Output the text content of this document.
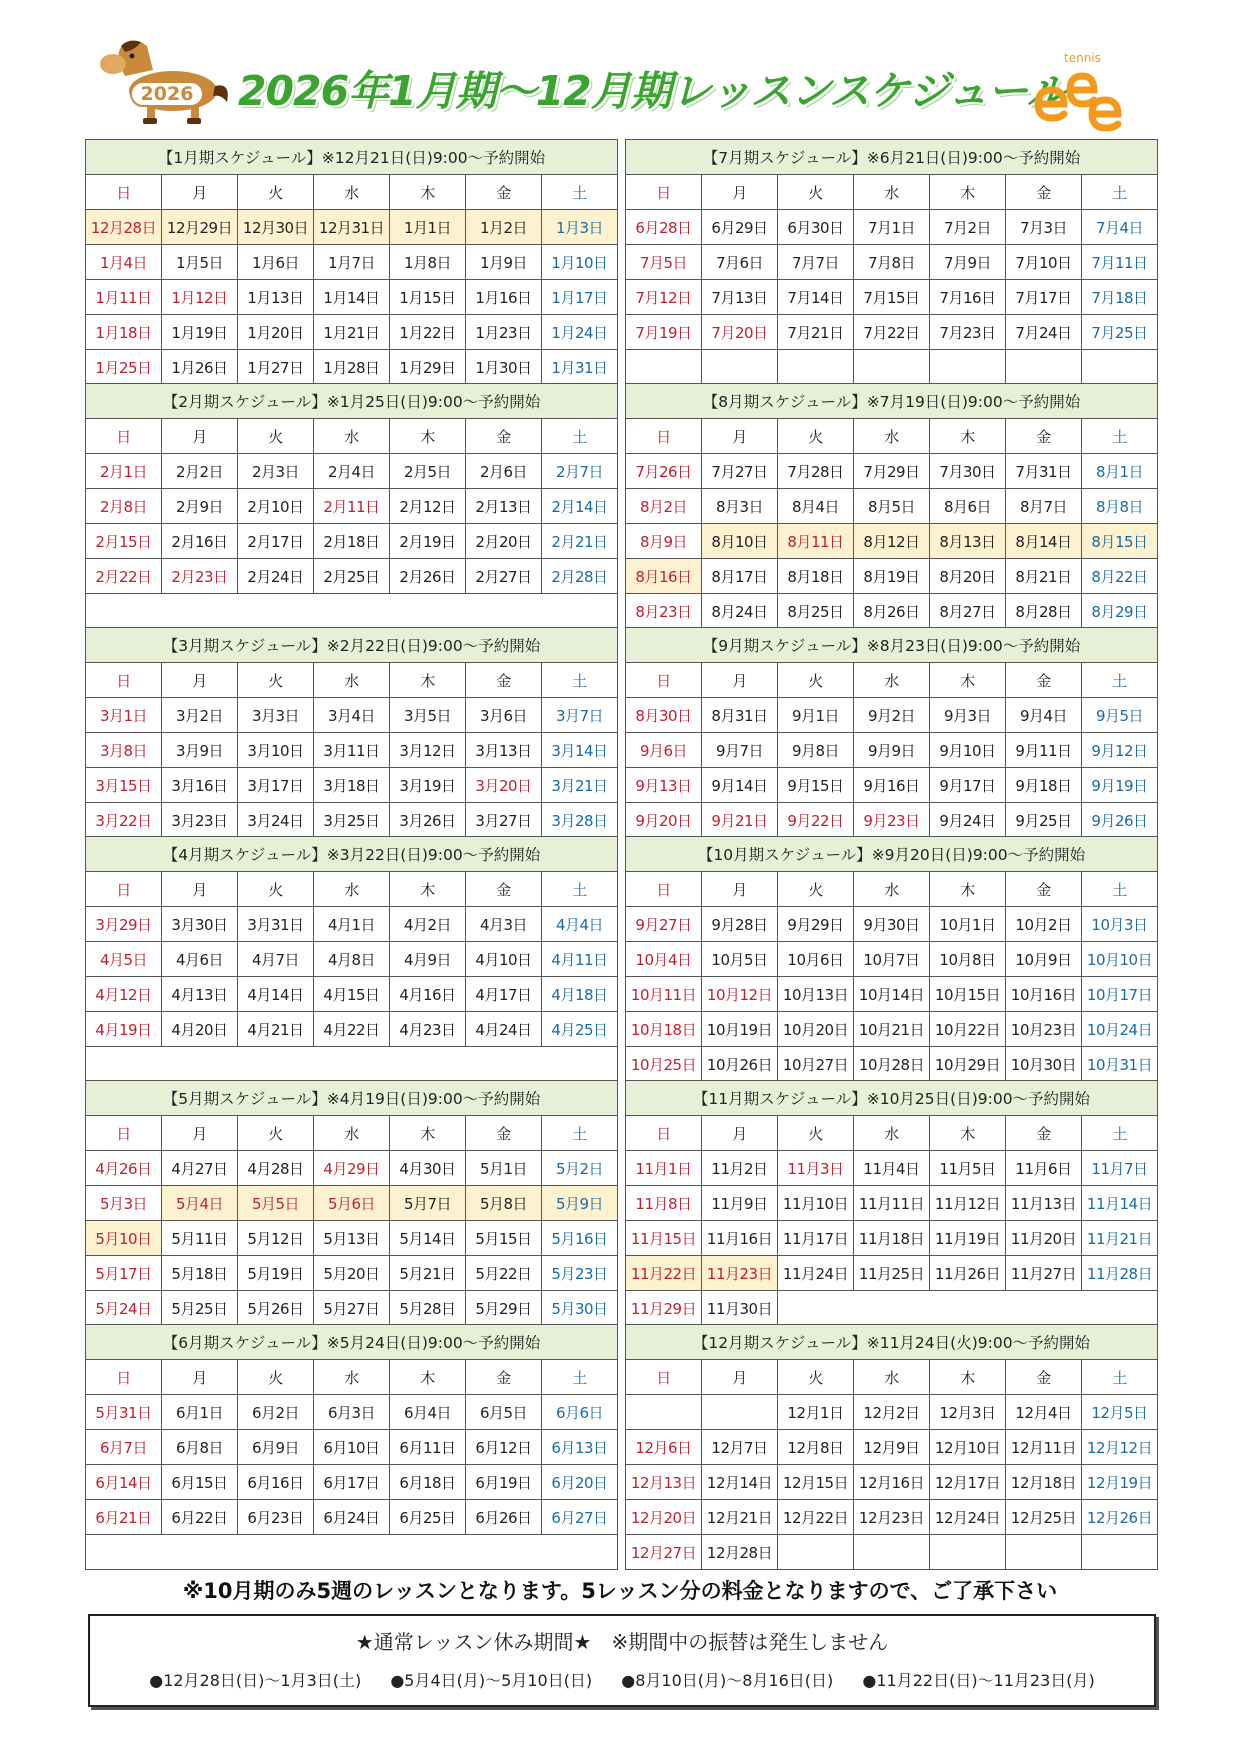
2026 2026年1月期～12月期レッスンスケジュール
tennis
【1月期スケジュール】※12月21日(日)9:00～予約開始						
日	月	火	水	木	金	土
12月28日	12月29日	12月30日	12月31日	1月1日	1月2日	1月3日
1月4日	1月5日	1月6日	1月7日	1月8日	1月9日	1月10日
1月11日	1月12日	1月13日	1月14日	1月15日	1月16日	1月17日
1月18日	1月19日	1月20日	1月21日	1月22日	1月23日	1月24日
1月25日	1月26日	1月27日	1月28日	1月29日	1月30日	1月31日
【7月期スケジュール】※6月21日(日)9:00～予約開始						
日	月	火	水	木	金	土
6月28日	6月29日	6月30日	7月1日	7月2日	7月3日	7月4日
7月5日	7月6日	7月7日	7月8日	7月9日	7月10日	7月11日
7月12日	7月13日	7月14日	7月15日	7月16日	7月17日	7月18日
7月19日	7月20日	7月21日	7月22日	7月23日	7月24日	7月25日

【2月期スケジュール】※1月25日(日)9:00～予約開始						
日	月	火	水	木	金	土
2月1日	2月2日	2月3日	2月4日	2月5日	2月6日	2月7日
2月8日	2月9日	2月10日	2月11日	2月12日	2月13日	2月14日
2月15日	2月16日	2月17日	2月18日	2月19日	2月20日	2月21日
2月22日	2月23日	2月24日	2月25日	2月26日	2月27日	2月28日

【8月期スケジュール】※7月19日(日)9:00～予約開始						
日	月	火	水	木	金	土
7月26日	7月27日	7月28日	7月29日	7月30日	7月31日	8月1日
8月2日	8月3日	8月4日	8月5日	8月6日	8月7日	8月8日
8月9日	8月10日	8月11日	8月12日	8月13日	8月14日	8月15日
8月16日	8月17日	8月18日	8月19日	8月20日	8月21日	8月22日
8月23日	8月24日	8月25日	8月26日	8月27日	8月28日	8月29日
【3月期スケジュール】※2月22日(日)9:00～予約開始						
日	月	火	水	木	金	土
3月1日	3月2日	3月3日	3月4日	3月5日	3月6日	3月7日
3月8日	3月9日	3月10日	3月11日	3月12日	3月13日	3月14日
3月15日	3月16日	3月17日	3月18日	3月19日	3月20日	3月21日
3月22日	3月23日	3月24日	3月25日	3月26日	3月27日	3月28日
【9月期スケジュール】※8月23日(日)9:00～予約開始						
日	月	火	水	木	金	土
8月30日	8月31日	9月1日	9月2日	9月3日	9月4日	9月5日
9月6日	9月7日	9月8日	9月9日	9月10日	9月11日	9月12日
9月13日	9月14日	9月15日	9月16日	9月17日	9月18日	9月19日
9月20日	9月21日	9月22日	9月23日	9月24日	9月25日	9月26日
【4月期スケジュール】※3月22日(日)9:00～予約開始						
日	月	火	水	木	金	土
3月29日	3月30日	3月31日	4月1日	4月2日	4月3日	4月4日
4月5日	4月6日	4月7日	4月8日	4月9日	4月10日	4月11日
4月12日	4月13日	4月14日	4月15日	4月16日	4月17日	4月18日
4月19日	4月20日	4月21日	4月22日	4月23日	4月24日	4月25日

【10月期スケジュール】※9月20日(日)9:00～予約開始						
日	月	火	水	木	金	土
9月27日	9月28日	9月29日	9月30日	10月1日	10月2日	10月3日
10月4日	10月5日	10月6日	10月7日	10月8日	10月9日	10月10日
10月11日	10月12日	10月13日	10月14日	10月15日	10月16日	10月17日
10月18日	10月19日	10月20日	10月21日	10月22日	10月23日	10月24日
10月25日	10月26日	10月27日	10月28日	10月29日	10月30日	10月31日
【5月期スケジュール】※4月19日(日)9:00～予約開始						
日	月	火	水	木	金	土
4月26日	4月27日	4月28日	4月29日	4月30日	5月1日	5月2日
5月3日	5月4日	5月5日	5月6日	5月7日	5月8日	5月9日
5月10日	5月11日	5月12日	5月13日	5月14日	5月15日	5月16日
5月17日	5月18日	5月19日	5月20日	5月21日	5月22日	5月23日
5月24日	5月25日	5月26日	5月27日	5月28日	5月29日	5月30日
【11月期スケジュール】※10月25日(日)9:00～予約開始						
日	月	火	水	木	金	土
11月1日	11月2日	11月3日	11月4日	11月5日	11月6日	11月7日
11月8日	11月9日	11月10日	11月11日	11月12日	11月13日	11月14日
11月15日	11月16日	11月17日	11月18日	11月19日	11月20日	11月21日
11月22日	11月23日	11月24日	11月25日	11月26日	11月27日	11月28日
11月29日	11月30日					
【6月期スケジュール】※5月24日(日)9:00～予約開始						
日	月	火	水	木	金	土
5月31日	6月1日	6月2日	6月3日	6月4日	6月5日	6月6日
6月7日	6月8日	6月9日	6月10日	6月11日	6月12日	6月13日
6月14日	6月15日	6月16日	6月17日	6月18日	6月19日	6月20日
6月21日	6月22日	6月23日	6月24日	6月25日	6月26日	6月27日

【12月期スケジュール】※11月24日(火)9:00～予約開始						
日	月	火	水	木	金	土
		12月1日	12月2日	12月3日	12月4日	12月5日
12月6日	12月7日	12月8日	12月9日	12月10日	12月11日	12月12日
12月13日	12月14日	12月15日	12月16日	12月17日	12月18日	12月19日
12月20日	12月21日	12月22日	12月23日	12月24日	12月25日	12月26日
12月27日	12月28日					
※10月期のみ5週のレッスンとなります。5レッスン分の料金となりますので、ご了承下さい
★通常レッスン休み期間★　※期間中の振替は発生しません
●12月28日(日)～1月3日(土) ●5月4日(月)～5月10日(日) ●8月10日(月)～8月16日(日) ●11月22日(日)～11月23日(月)
